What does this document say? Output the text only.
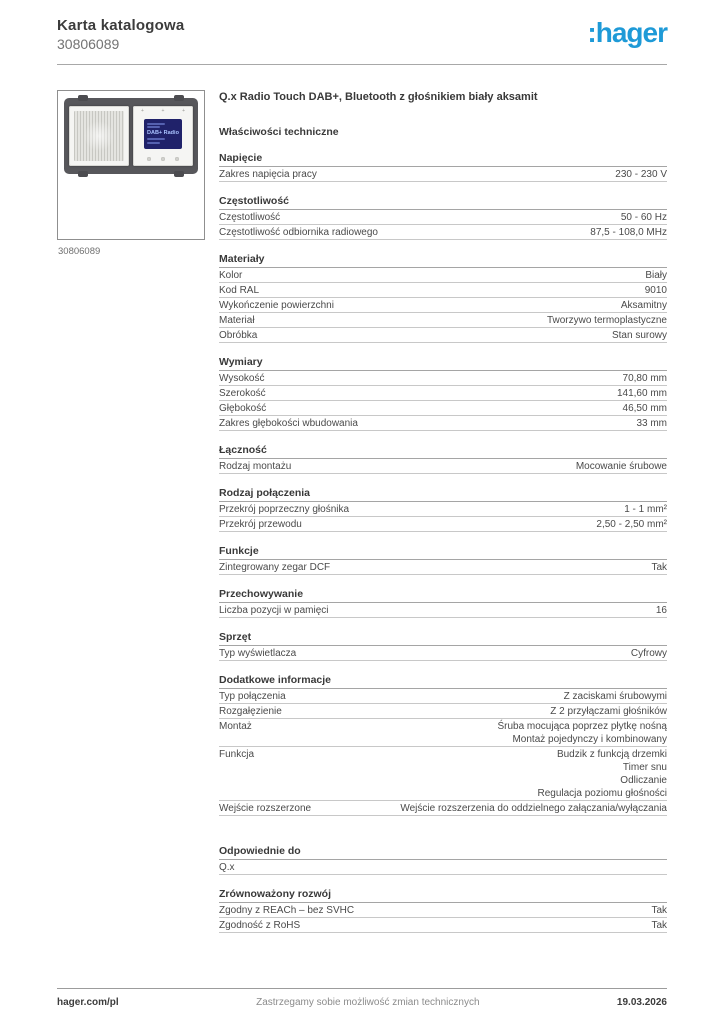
Karta katalogowa
30806089	:hager
+	+	+
DAB+ Radio
30806089
Q.x Radio Touch DAB+, Bluetooth z głośnikiem biały aksamit
Właściwości techniczne
Napięcie
Zakres napięcia pracy	230 - 230 V
Częstotliwość
Częstotliwość	50 - 60 Hz
Częstotliwość odbiornika radiowego	87,5 - 108,0 MHz
Materiały
Kolor	Biały
Kod RAL	9010
Wykończenie powierzchni	Aksamitny
Materiał	Tworzywo termoplastyczne
Obróbka	Stan surowy
Wymiary
Wysokość	70,80 mm
Szerokość	141,60 mm
Głębokość	46,50 mm
Zakres głębokości wbudowania	33 mm
Łączność
Rodzaj montażu	Mocowanie śrubowe
Rodzaj połączenia
Przekrój poprzeczny głośnika	1 - 1 mm²
Przekrój przewodu	2,50 - 2,50 mm²
Funkcje
Zintegrowany zegar DCF	Tak
Przechowywanie
Liczba pozycji w pamięci	16
Sprzęt
Typ wyświetlacza	Cyfrowy
Dodatkowe informacje
Typ połączenia	Z zaciskami śrubowymi
Rozgałęzienie	Z 2 przyłączami głośników
Montaż	Śruba mocująca poprzez płytkę nośną
Montaż pojedynczy i kombinowany
Funkcja	Budzik z funkcją drzemki
Timer snu
Odliczanie
Regulacja poziomu głośności
Wejście rozszerzone	Wejście rozszerzenia do oddzielnego załączania/wyłączania
Odpowiednie do
Q.x
Zrównoważony rozwój
Zgodny z REACh – bez SVHC	Tak
Zgodność z RoHS	Tak
hager.com/pl	Zastrzegamy sobie możliwość zmian technicznych	19.03.2026
